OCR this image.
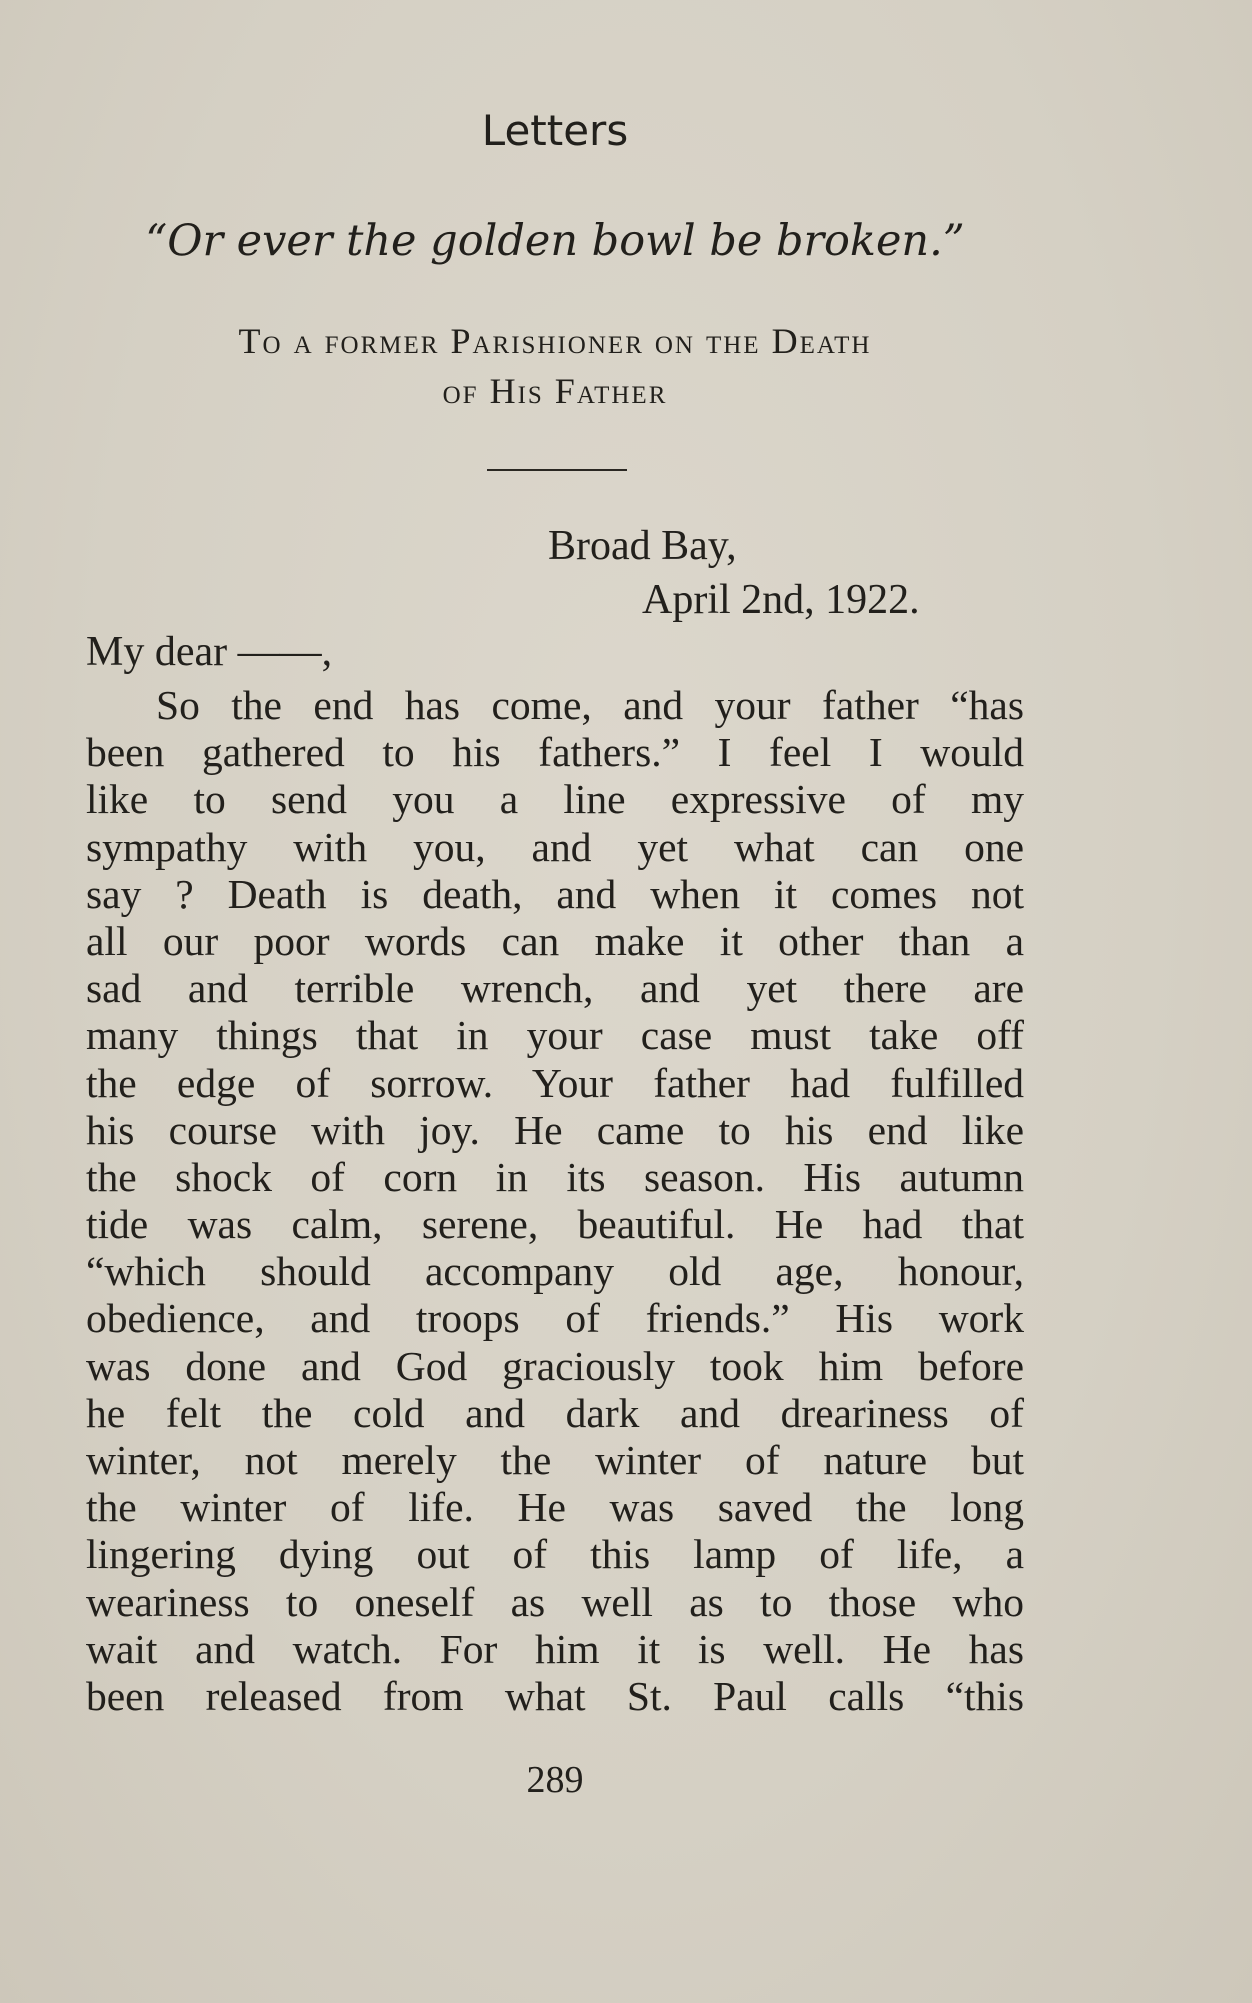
Letters

“Or ever the golden bowl be broken.”

To a former Parishioner on the Death
of His Father

Broad Bay,
April 2nd, 1922.
My dear ——,
So the end has come, and your father “has
been gathered to his fathers.” I feel I would
like to send you a line expressive of my
sympathy with you, and yet what can one
say ? Death is death, and when it comes not
all our poor words can make it other than a
sad and terrible wrench, and yet there are
many things that in your case must take off
the edge of sorrow. Your father had fulfilled
his course with joy. He came to his end like
the shock of corn in its season. His autumn
tide was calm, serene, beautiful. He had that
“which should accompany old age, honour,
obedience, and troops of friends.” His work
was done and God graciously took him before
he felt the cold and dark and dreariness of
winter, not merely the winter of nature but
the winter of life. He was saved the long
lingering dying out of this lamp of life, a
weariness to oneself as well as to those who
wait and watch. For him it is well. He has
been released from what St. Paul calls “this
289
